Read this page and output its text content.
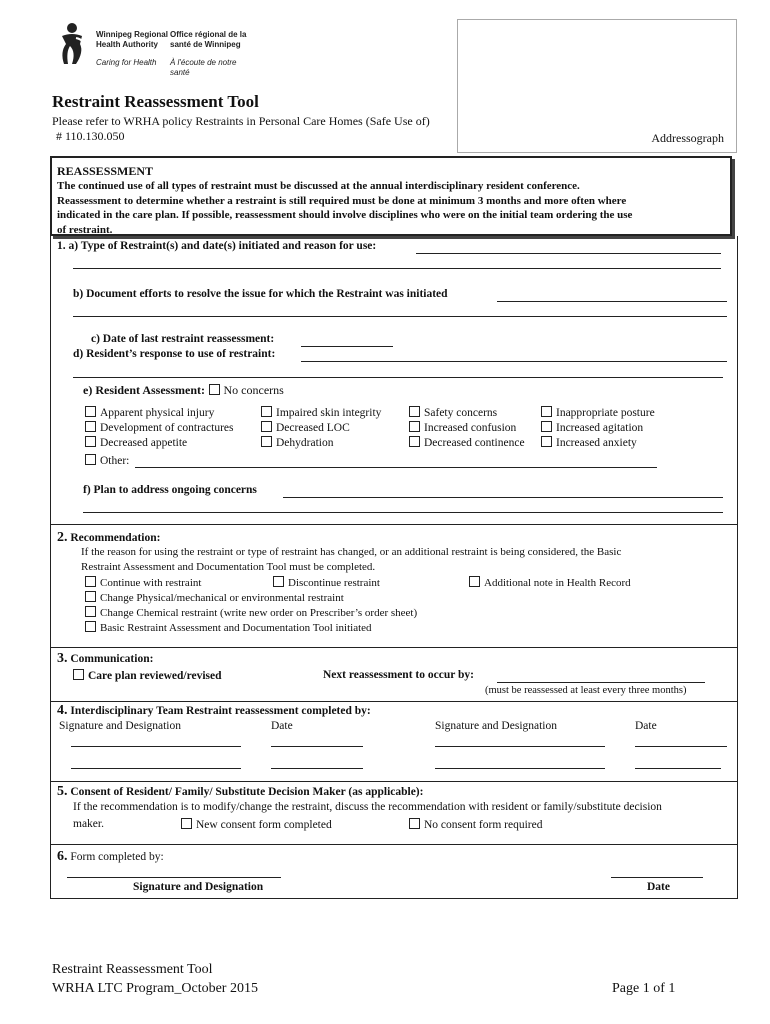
Winnipeg Regional
Health Authority
Office régional de la
santé de Winnipeg
Caring for Health À l'écoute de notre santé
Restraint Reassessment Tool
Please refer to WRHA policy Restraints in Personal Care Homes (Safe Use of)
# 110.130.050	Addressograph
REASSESSMENT
The continued use of all types of restraint must be discussed at the annual interdisciplinary resident conference.
Reassessment to determine whether a restraint is still required must be done at minimum 3 months and more often where
indicated in the care plan. If possible, reassessment should involve disciplines who were on the initial team ordering the use
of restraint.
1. a) Type of Restraint(s) and date(s) initiated and reason for use:
b) Document efforts to resolve the issue for which the Restraint was initiated
c) Date of last restraint reassessment:
d) Resident’s response to use of restraint:
e) Resident Assessment: No concerns
Apparent physical injury	Impaired skin integrity	Safety concerns	Inappropriate posture
Development of contractures	Decreased LOC	Increased confusion	Increased agitation
Decreased appetite	Dehydration	Decreased continence	Increased anxiety
Other:
f) Plan to address ongoing concerns
2. Recommendation:
If the reason for using the restraint or type of restraint has changed, or an additional restraint is being considered, the Basic
Restraint Assessment and Documentation Tool must be completed.
Continue with restraint	Discontinue restraint	Additional note in Health Record
Change Physical/mechanical or environmental restraint
Change Chemical restraint (write new order on Prescriber’s order sheet)
Basic Restraint Assessment and Documentation Tool initiated
3. Communication:
Care plan reviewed/revised	Next reassessment to occur by:
(must be reassessed at least every three months)
4. Interdisciplinary Team Restraint reassessment completed by:
Signature and Designation	Date	Signature and Designation	Date
5. Consent of Resident/ Family/ Substitute Decision Maker (as applicable):
If the recommendation is to modify/change the restraint, discuss the recommendation with resident or family/substitute decision
maker.	New consent form completed	No consent form required
6. Form completed by:
Signature and Designation	Date
Restraint Reassessment Tool
WRHA LTC Program_October 2015	Page 1 of 1
